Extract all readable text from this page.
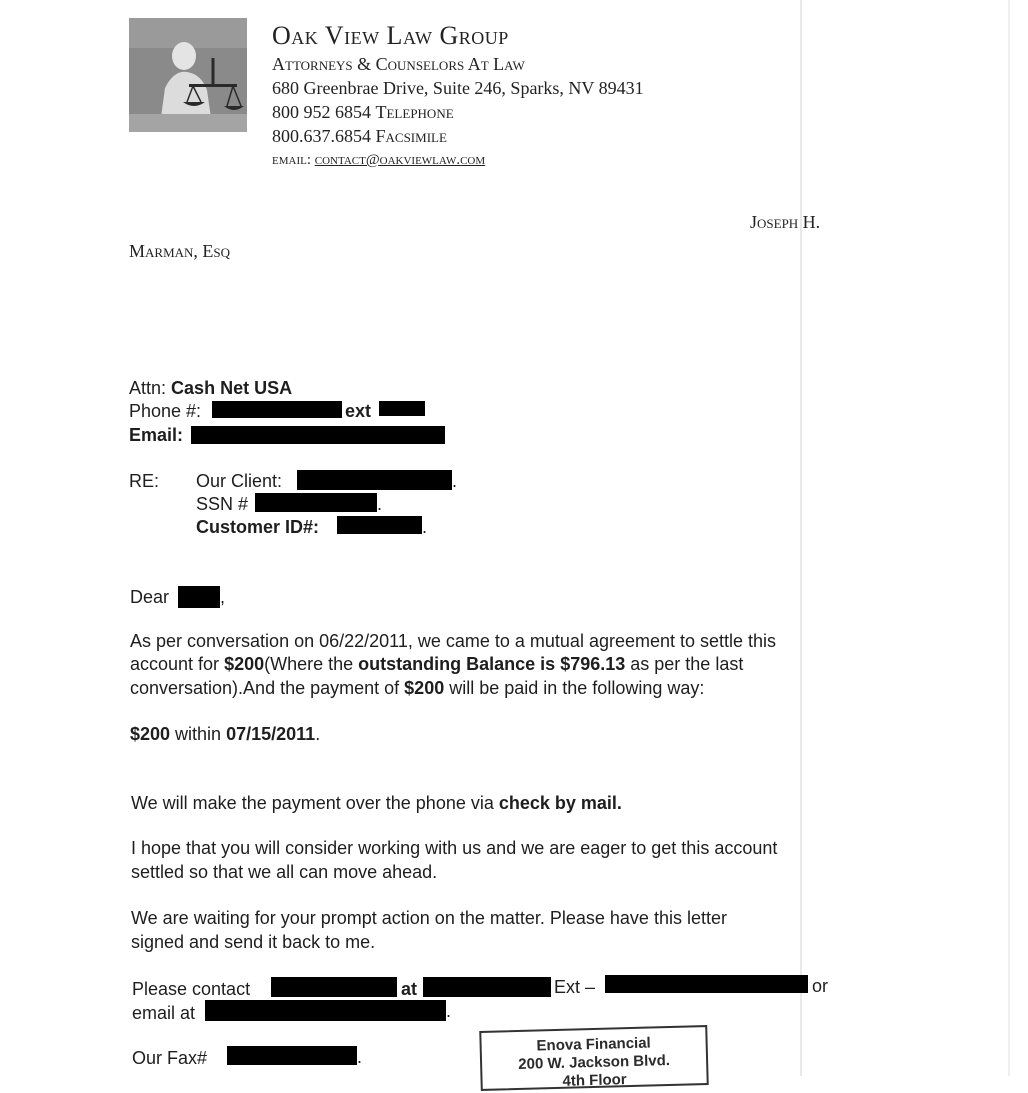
Oak View Law Group
Attorneys & Counselors At Law
680 Greenbrae Drive, Suite 246, Sparks, NV 89431
800 952 6854 Telephone
800.637.6854 Facsimile
email: contact@oakviewlaw.com
Joseph H.
Marman, Esq
Attn: Cash Net USA
Phone #:	ext
Email:
RE: Our Client:	.
SSN #	.
Customer ID#:	.
Dear	,
As per conversation on 06/22/2011, we came to a mutual agreement to settle this
account for $200(Where the outstanding Balance is $796.13 as per the last
conversation).And the payment of $200 will be paid in the following way:
$200 within 07/15/2011.
We will make the payment over the phone via check by mail.
I hope that you will consider working with us and we are eager to get this account
settled so that we all can move ahead.
We are waiting for your prompt action on the matter. Please have this letter
signed and send it back to me.
Please contact	at	Ext –	or
email at	.
Our Fax#	.
Enova Financial
200 W. Jackson Blvd.
4th Floor
